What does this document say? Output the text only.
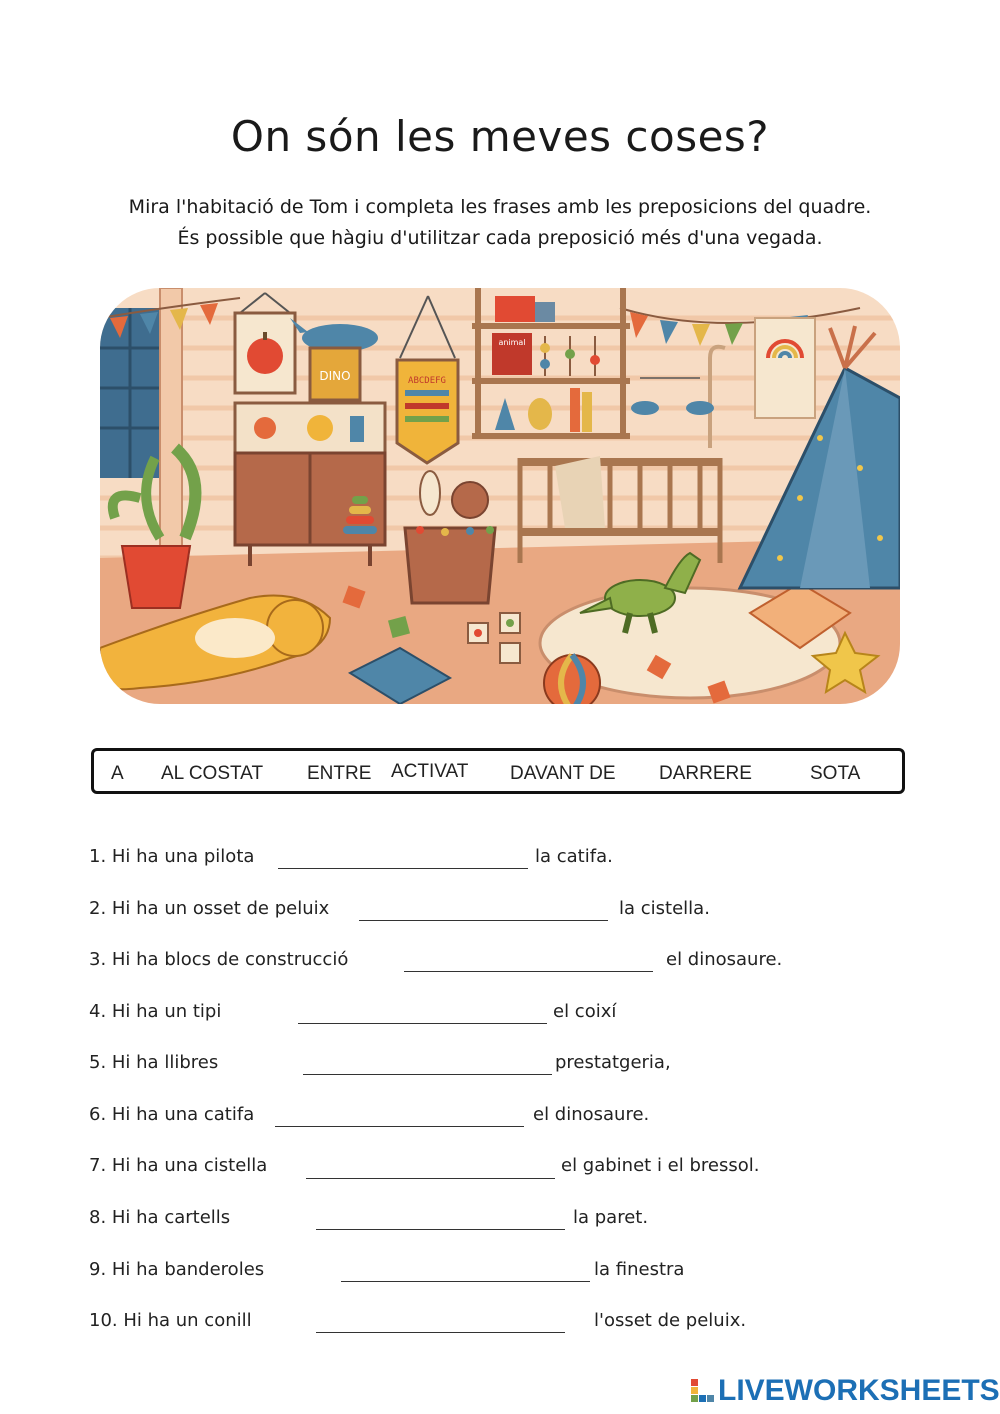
On són les meves coses?
Mira l'habitació de Tom i completa les frases amb les preposicions del quadre.
És possible que hàgiu d'utilitzar cada preposició més d'una vegada.
DINO	ABCDEFG
animal
A AL COSTAT ENTRE ACTIVAT DAVANT DE DARRERE	SOTA
1. Hi ha una pilota	la catifa.
2. Hi ha un osset de peluix	la cistella.
3. Hi ha blocs de construcció	el dinosaure.
4. Hi ha un tipi	el coixí
5. Hi ha llibres	prestatgeria,
6. Hi ha una catifa	el dinosaure.
7. Hi ha una cistella	el gabinet i el bressol.
8. Hi ha cartells	la paret.
9. Hi ha banderoles	la finestra
10. Hi ha un conill	l'osset de peluix.
LIVEWORKSHEETS
